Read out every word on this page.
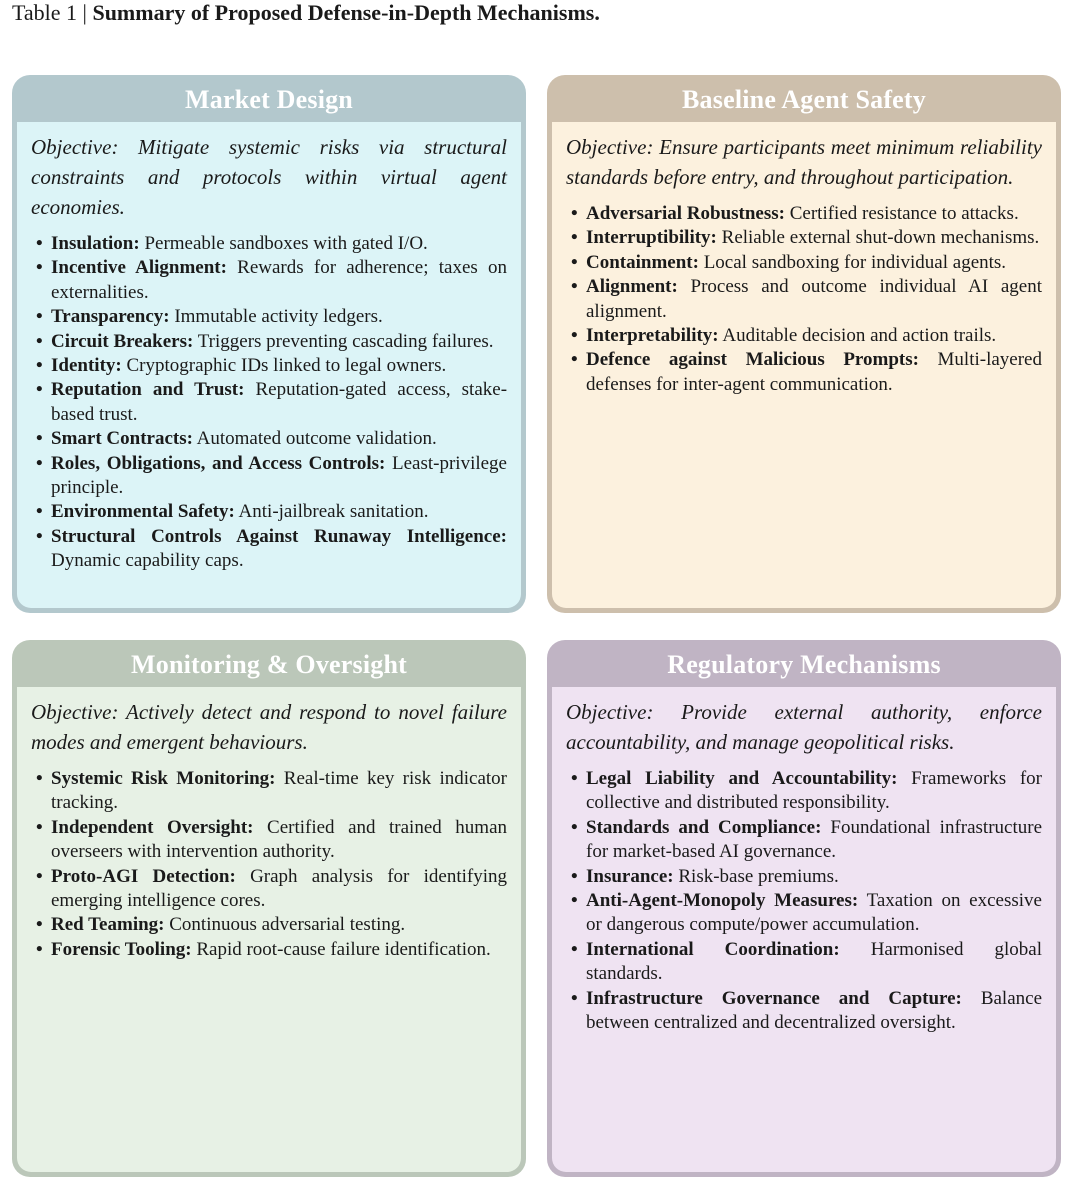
Table 1 | Summary of Proposed Defense-in-Depth Mechanisms.
Market Design

Objective: Mitigate systemic risks via structural constraints and protocols within virtual agent economies.

• Insulation: Permeable sandboxes with gated I/O.
• Incentive Alignment: Rewards for adherence; taxes on externalities.
• Transparency: Immutable activity ledgers.
• Circuit Breakers: Triggers preventing cascading failures.
• Identity: Cryptographic IDs linked to legal owners.
• Reputation and Trust: Reputation-gated access, stake-based trust.
• Smart Contracts: Automated outcome validation.
• Roles, Obligations, and Access Controls: Least-privilege principle.
• Environmental Safety: Anti-jailbreak sanitation.
• Structural Controls Against Runaway Intelligence: Dynamic capability caps.
Baseline Agent Safety

Objective: Ensure participants meet minimum reliability standards before entry, and throughout participation.

• Adversarial Robustness: Certified resistance to attacks.
• Interruptibility: Reliable external shut-down mechanisms.
• Containment: Local sandboxing for individual agents.
• Alignment: Process and outcome individual AI agent alignment.
• Interpretability: Auditable decision and action trails.
• Defence against Malicious Prompts: Multi-layered defenses for inter-agent communication.
Monitoring & Oversight

Objective: Actively detect and respond to novel failure modes and emergent behaviours.

• Systemic Risk Monitoring: Real-time key risk indicator tracking.
• Independent Oversight: Certified and trained human overseers with intervention authority.
• Proto-AGI Detection: Graph analysis for identifying emerging intelligence cores.
• Red Teaming: Continuous adversarial testing.
• Forensic Tooling: Rapid root-cause failure identification.
Regulatory Mechanisms

Objective: Provide external authority, enforce accountability, and manage geopolitical risks.

• Legal Liability and Accountability: Frameworks for collective and distributed responsibility.
• Standards and Compliance: Foundational infrastructure for market-based AI governance.
• Insurance: Risk-base premiums.
• Anti-Agent-Monopoly Measures: Taxation on excessive or dangerous compute/power accumulation.
• International Coordination: Harmonised global standards.
• Infrastructure Governance and Capture: Balance between centralized and decentralized oversight.
